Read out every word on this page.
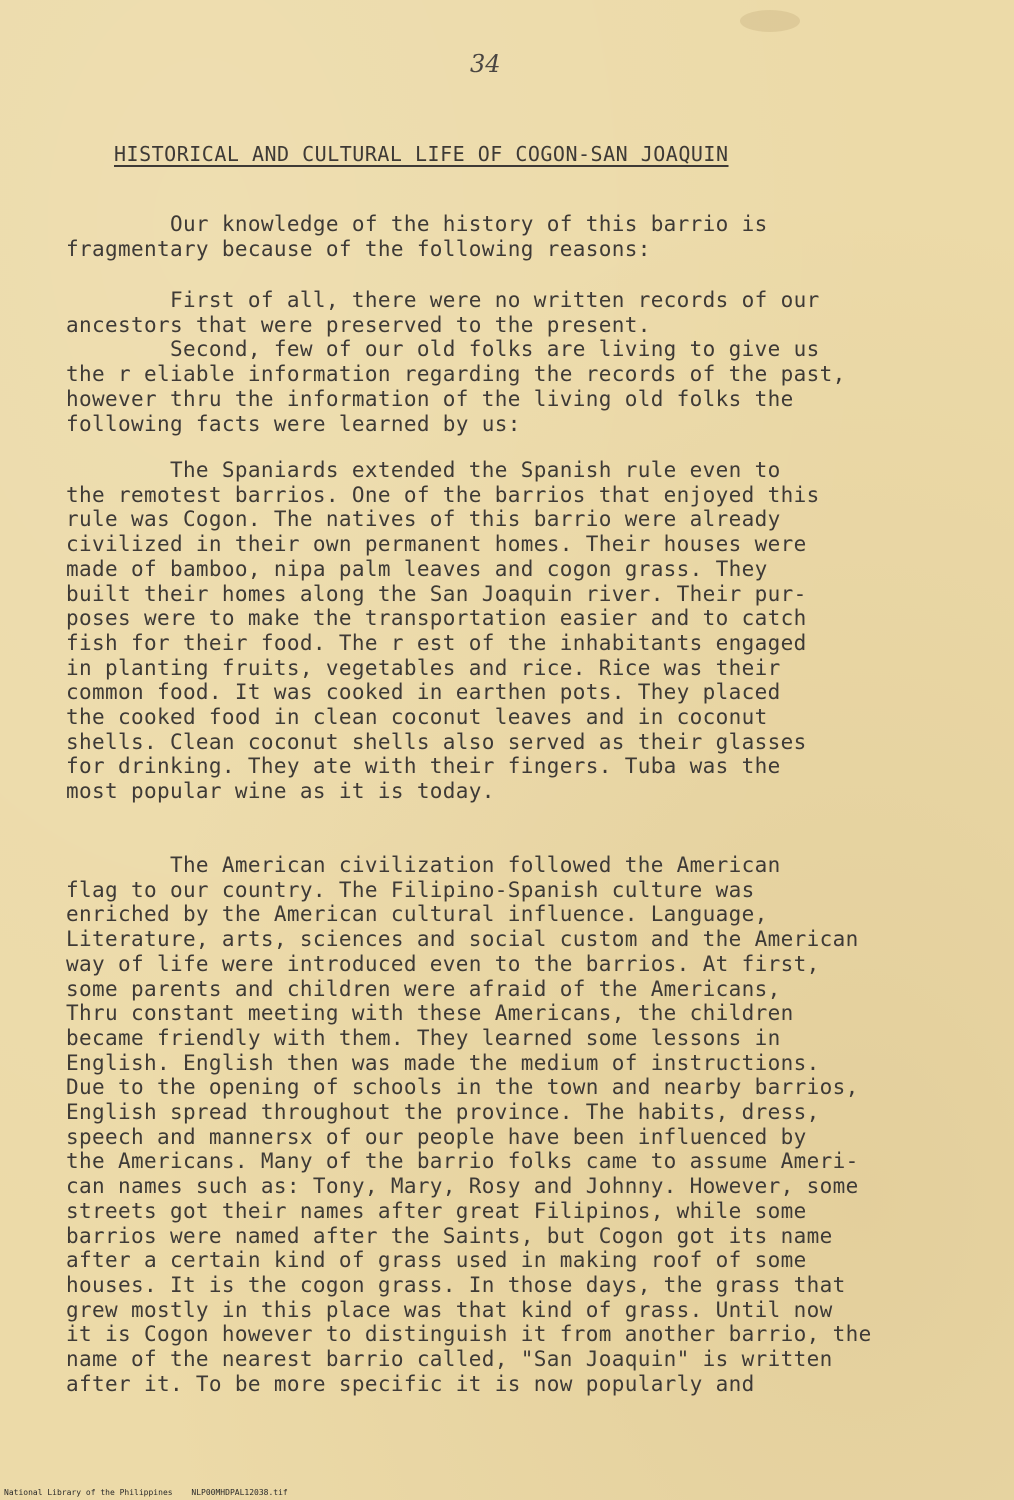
34
HISTORICAL AND CULTURAL LIFE OF COGON-SAN JOAQUIN
Our knowledge of the history of this barrio is
fragmentary because of the following reasons:
First of all, there were no written records of our
ancestors that were preserved to the present.
Second, few of our old folks are living to give us
the r eliable information regarding the records of the past,
however thru the information of the living old folks the
following facts were learned by us:
The Spaniards extended the Spanish rule even to
the remotest barrios. One of the barrios that enjoyed this
rule was Cogon. The natives of this barrio were already
civilized in their own permanent homes. Their houses were
made of bamboo, nipa palm leaves and cogon grass. They
built their homes along the San Joaquin river. Their pur-
poses were to make the transportation easier and to catch
fish for their food. The r est of the inhabitants engaged
in planting fruits, vegetables and rice. Rice was their
common food. It was cooked in earthen pots. They placed
the cooked food in clean coconut leaves and in coconut
shells. Clean coconut shells also served as their glasses
for drinking. They ate with their fingers. Tuba was the
most popular wine as it is today.
The American civilization followed the American
flag to our country. The Filipino-Spanish culture was
enriched by the American cultural influence. Language,
Literature, arts, sciences and social custom and the American
way of life were introduced even to the barrios. At first,
some parents and children were afraid of the Americans,
Thru constant meeting with these Americans, the children
became friendly with them. They learned some lessons in
English. English then was made the medium of instructions.
Due to the opening of schools in the town and nearby barrios,
English spread throughout the province. The habits, dress,
speech and mannersx of our people have been influenced by
the Americans. Many of the barrio folks came to assume Ameri-
can names such as: Tony, Mary, Rosy and Johnny. However, some
streets got their names after great Filipinos, while some
barrios were named after the Saints, but Cogon got its name
after a certain kind of grass used in making roof of some
houses. It is the cogon grass. In those days, the grass that
grew mostly in this place was that kind of grass. Until now
it is Cogon however to distinguish it from another barrio, the
name of the nearest barrio called, "San Joaquin" is written
after it. To be more specific it is now popularly and
National Library of the Philippines NLP00MHDPAL12038.tif
